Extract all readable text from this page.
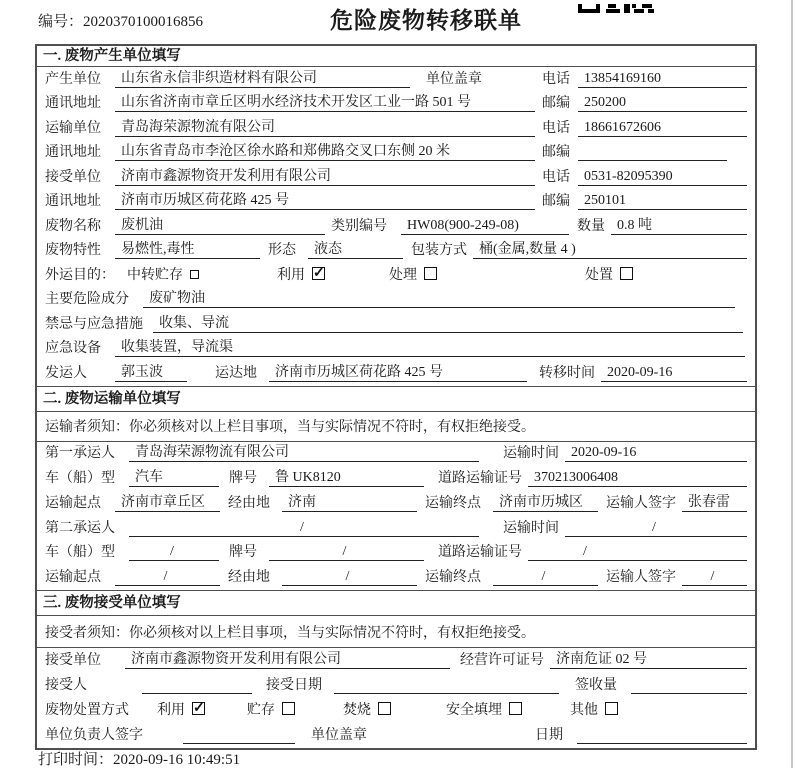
编号：2020370100016856	危险废物转移联单
一. 废物产生单位填写
产生单位	山东省永信非织造材料有限公司	单位盖章	电话	13854169160
通讯地址	山东省济南市章丘区明水经济技术开发区工业一路 501 号	邮编	250200
运输单位	青岛海荣源物流有限公司	电话	18661672606
通讯地址	山东省青岛市李沧区徐水路和郑佛路交叉口东侧 20 米	邮编
接受单位	济南市鑫源物资开发利用有限公司	电话	0531-82095390
通讯地址	济南市历城区荷花路 425 号	邮编	250101
废物名称	废机油	类别编号	HW08(900-249-08)	数量 0.8 吨
废物特性	易燃性,毒性	形态	液态	包装方式 桶(金属,数量 4 )
外运目的： 中转贮存	利用 ✓	处理	处置
主要危险成分	废矿物油
禁忌与应急措施	收集、导流
应急设备	收集装置，导流渠
发运人	郭玉波	运达地	济南市历城区荷花路 425 号	转移时间 2020-09-16
二. 废物运输单位填写
运输者须知：你必须核对以上栏目事项，当与实际情况不符时，有权拒绝接受。
第一承运人	青岛海荣源物流有限公司	运输时间 2020-09-16
车（船）型	汽车	牌号	鲁 UK8120	道路运输证号 370213006408
运输起点	济南市章丘区	经由地	济南	运输终点	济南市历城区	运输人签字 张春雷
第二承运人	/	运输时间	/
车（船）型	/	牌号	/	道路运输证号	/
运输起点	/	经由地	/	运输终点	/	运输人签字	/
三. 废物接受单位填写
接受者须知：你必须核对以上栏目事项，当与实际情况不符时，有权拒绝接受。
接受单位	济南市鑫源物资开发利用有限公司	经营许可证号 济南危证 02 号
接受人	接受日期	签收量
废物处置方式	利用 ✓	贮存	焚烧	安全填埋	其他
单位负责人签字	单位盖章	日期
打印时间：2020-09-16 10:49:51
